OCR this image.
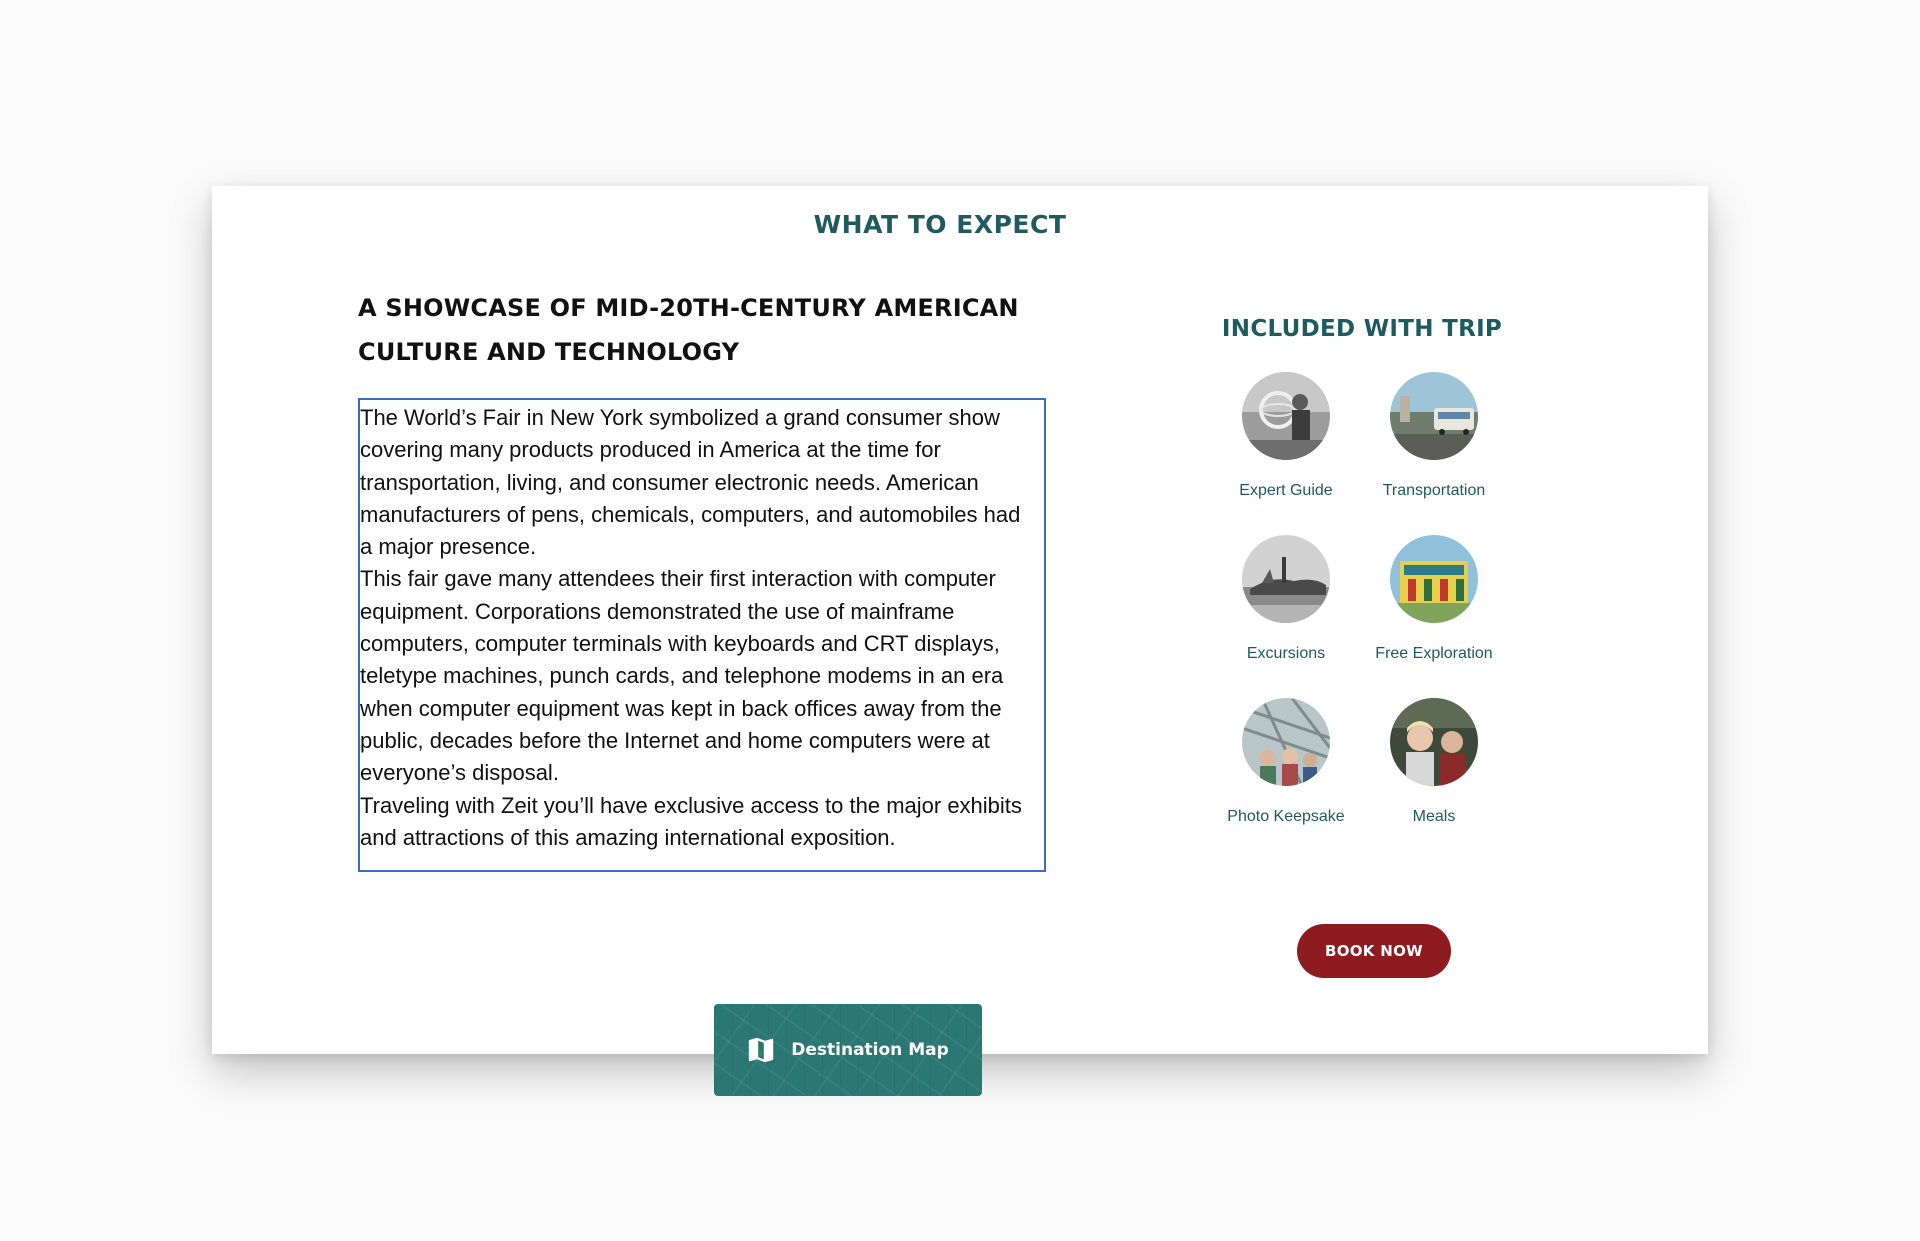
WHAT TO EXPECT
A SHOWCASE OF MID-20TH-CENTURY AMERICAN CULTURE AND TECHNOLOGY

The World’s Fair in New York symbolized a grand consumer show covering many products produced in America at the time for transportation, living, and consumer electronic needs. American manufacturers of pens, chemicals, computers, and automobiles had a major presence.

This fair gave many attendees their first interaction with computer equipment. Corporations demonstrated the use of mainframe computers, computer terminals with keyboards and CRT displays, teletype machines, punch cards, and telephone modems in an era when computer equipment was kept in back offices away from the public, decades before the Internet and home computers were at everyone’s disposal.

Traveling with Zeit you’ll have exclusive access to the major exhibits and attractions of this amazing international exposition.

Destination Map
INCLUDED WITH TRIP
Expert Guide	Transportation
Excursions	Free Exploration
Photo Keepsake	Meals
BOOK NOW
